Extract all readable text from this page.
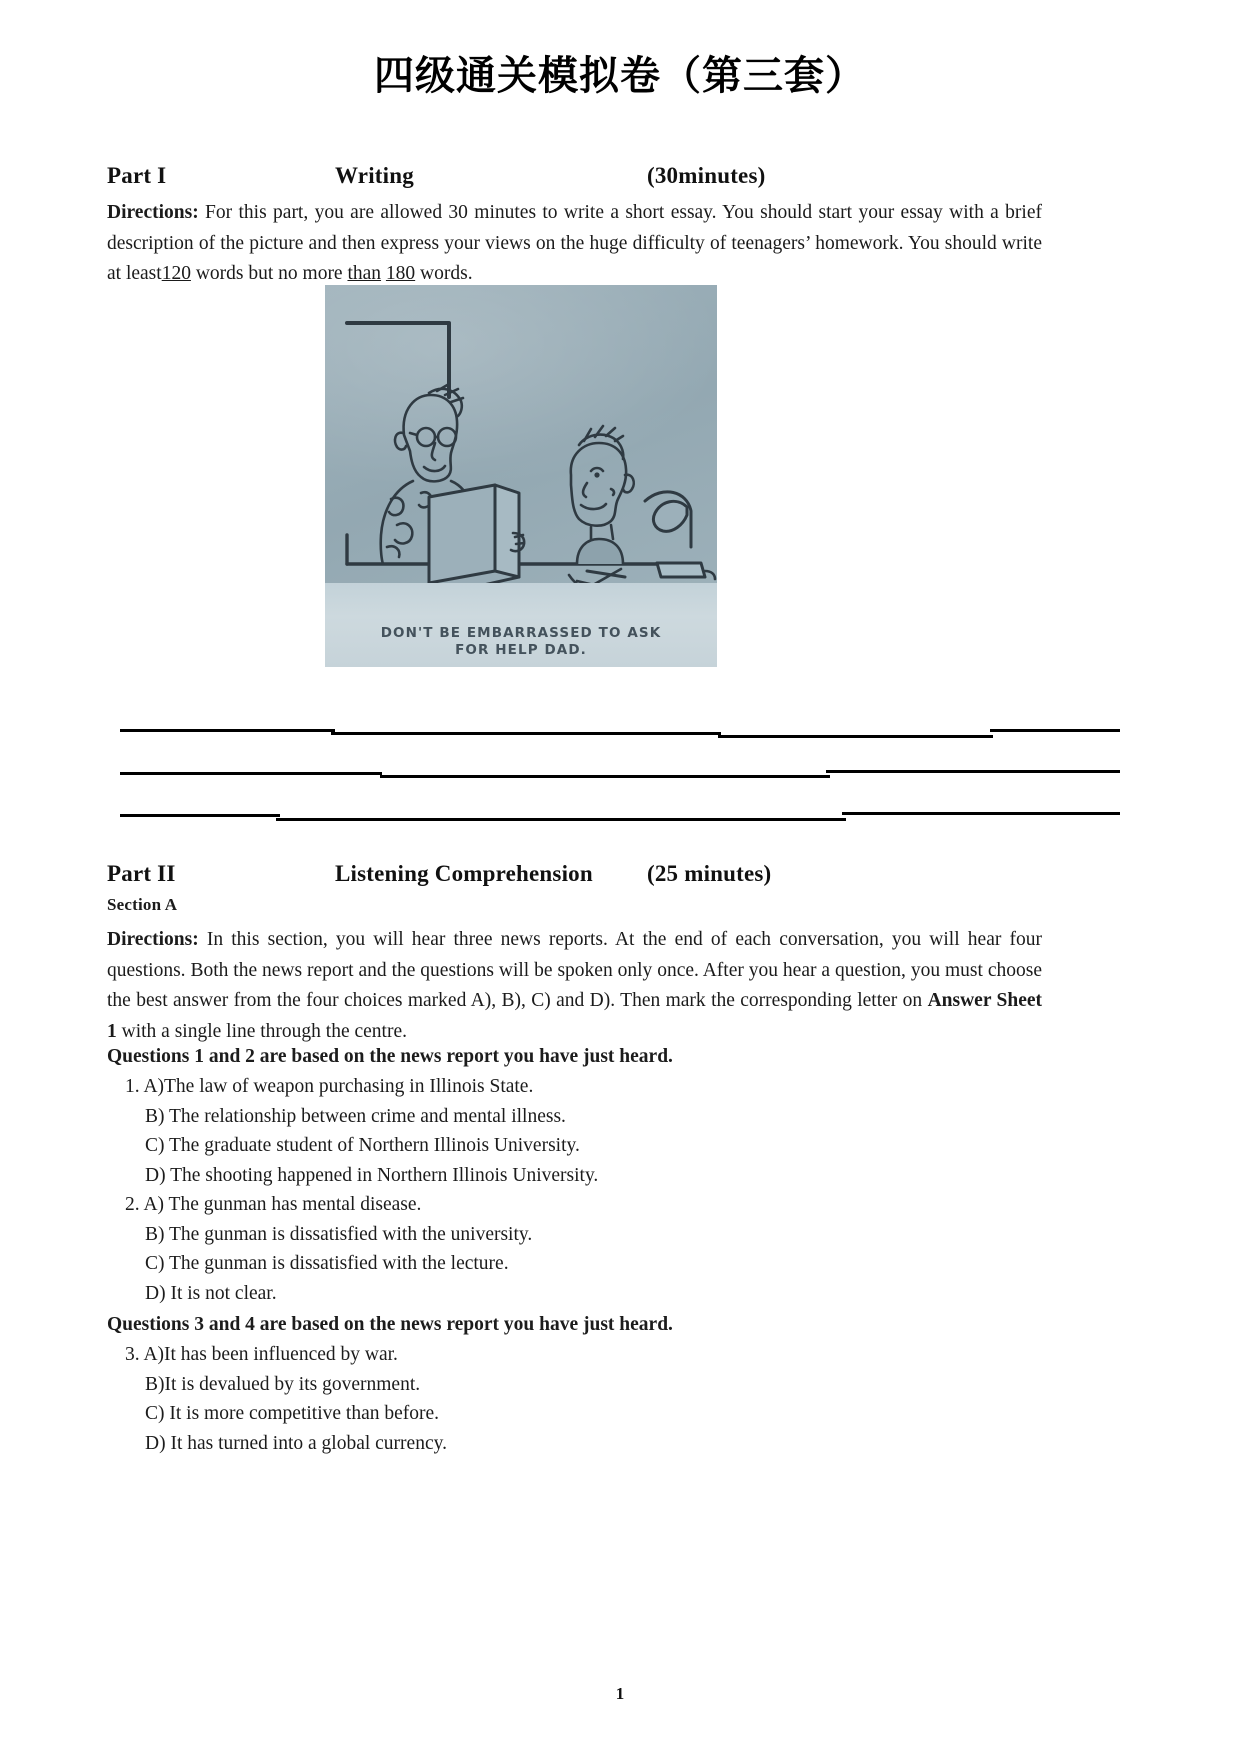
四级通关模拟卷（第三套）
Part I	Writing	(30minutes)
Directions: For this part, you are allowed 30 minutes to write a short essay. You should start your essay with a brief description of the picture and then express your views on the huge difficulty of teenagers’ homework. You should write at least120 words but no more than 180 words.
DON'T BE EMBARRASSED TO ASK
FOR HELP DAD.
Part II	Listening Comprehension	(25 minutes)
Section A
Directions: In this section, you will hear three news reports. At the end of each conversation, you will hear four questions. Both the news report and the questions will be spoken only once. After you hear a question, you must choose the best answer from the four choices marked A), B), C) and D). Then mark the corresponding letter on Answer Sheet 1 with a single line through the centre.
Questions 1 and 2 are based on the news report you have just heard.
1. A)The law of weapon purchasing in Illinois State.
B) The relationship between crime and mental illness.
C) The graduate student of Northern Illinois University.
D) The shooting happened in Northern Illinois University.
2. A) The gunman has mental disease.
B) The gunman is dissatisfied with the university.
C) The gunman is dissatisfied with the lecture.
D) It is not clear.
Questions 3 and 4 are based on the news report you have just heard.
3. A)It has been influenced by war.
B)It is devalued by its government.
C) It is more competitive than before.
D) It has turned into a global currency.
1
